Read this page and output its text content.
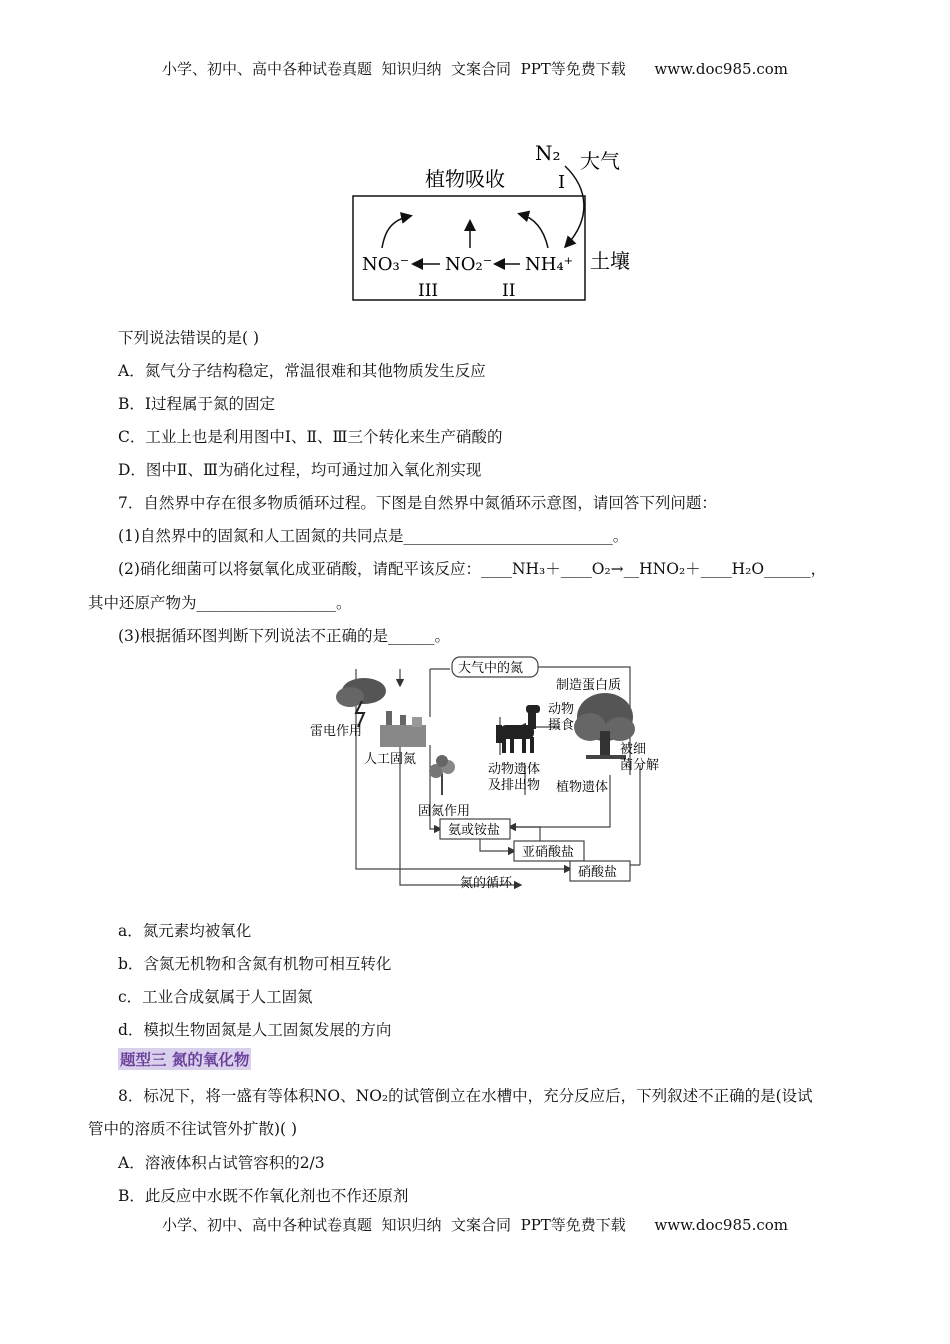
小学、初中、高中各种试卷真题  知识归纳  文案合同  PPT等免费下载      www.doc985.com
N₂ 大气
I
植物吸收
NO₃⁻ NO₂⁻ NH₄⁺ 土壤
III	II
下列说法错误的是( )
A．氮气分子结构稳定，常温很难和其他物质发生反应
B．Ⅰ过程属于氮的固定
C．工业上也是利用图中Ⅰ、Ⅱ、Ⅲ三个转化来生产硝酸的
D．图中Ⅱ、Ⅲ为硝化过程，均可通过加入氧化剂实现
7．自然界中存在很多物质循环过程。下图是自然界中氮循环示意图，请回答下列问题：
(1)自然界中的固氮和人工固氮的共同点是___________________________。
(2)硝化细菌可以将氨氧化成亚硝酸，请配平该反应：____NH₃＋____O₂→__HNO₂＋____H₂O______，
其中还原产物为__________________。
(3)根据循环图判断下列说法不正确的是______。
大气中的氮
制造蛋白质
雷电作用
人工固氮
动物
摄食
被细
菌分解
动物遗体
及排出物 植物遗体
固氮作用
氨或铵盐
亚硝酸盐
硝酸盐
氮的循环
a．氮元素均被氧化
b．含氮无机物和含氮有机物可相互转化
c．工业合成氨属于人工固氮
d．模拟生物固氮是人工固氮发展的方向
题型三 氮的氧化物
8．标况下，将一盛有等体积NO、NO₂的试管倒立在水槽中，充分反应后，下列叙述不正确的是(设试
管中的溶质不往试管外扩散)( )
A．溶液体积占试管容积的2/3
B．此反应中水既不作氧化剂也不作还原剂
小学、初中、高中各种试卷真题  知识归纳  文案合同  PPT等免费下载      www.doc985.com
